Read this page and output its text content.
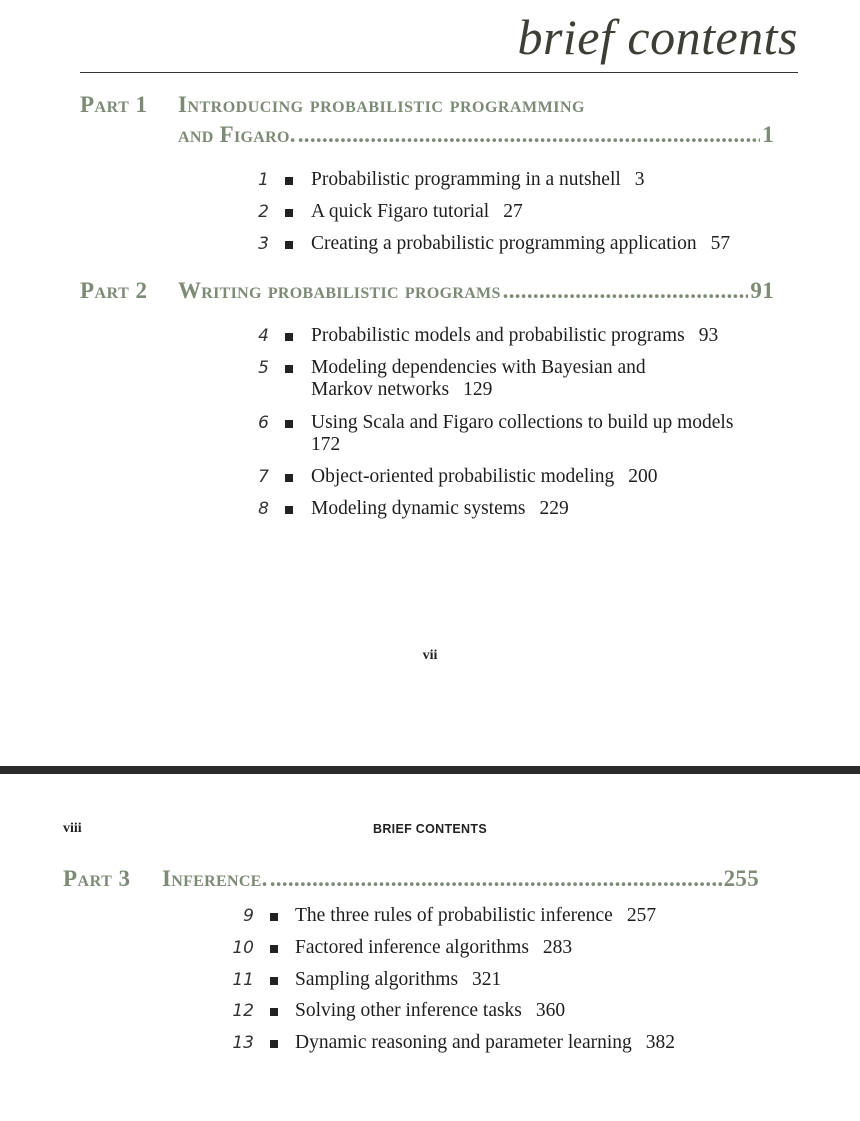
brief contents
Part 1 Introducing probabilistic programming
and Figaro. .....	1
1 Probabilistic programming in a nutshell 3
2 A quick Figaro tutorial 27
3 Creating a probabilistic programming application 57
Part 2 Writing probabilistic programs .....	91
4 Probabilistic models and probabilistic programs 93
5 Modeling dependencies with Bayesian and
Markov networks 129
6 Using Scala and Figaro collections to build up models
172
7 Object-oriented probabilistic modeling 200
8 Modeling dynamic systems 229
vii
viii	BRIEF CONTENTS
Part 3 Inference. .....	255
9 The three rules of probabilistic inference 257
10 Factored inference algorithms 283
11 Sampling algorithms 321
12 Solving other inference tasks 360
13 Dynamic reasoning and parameter learning 382
